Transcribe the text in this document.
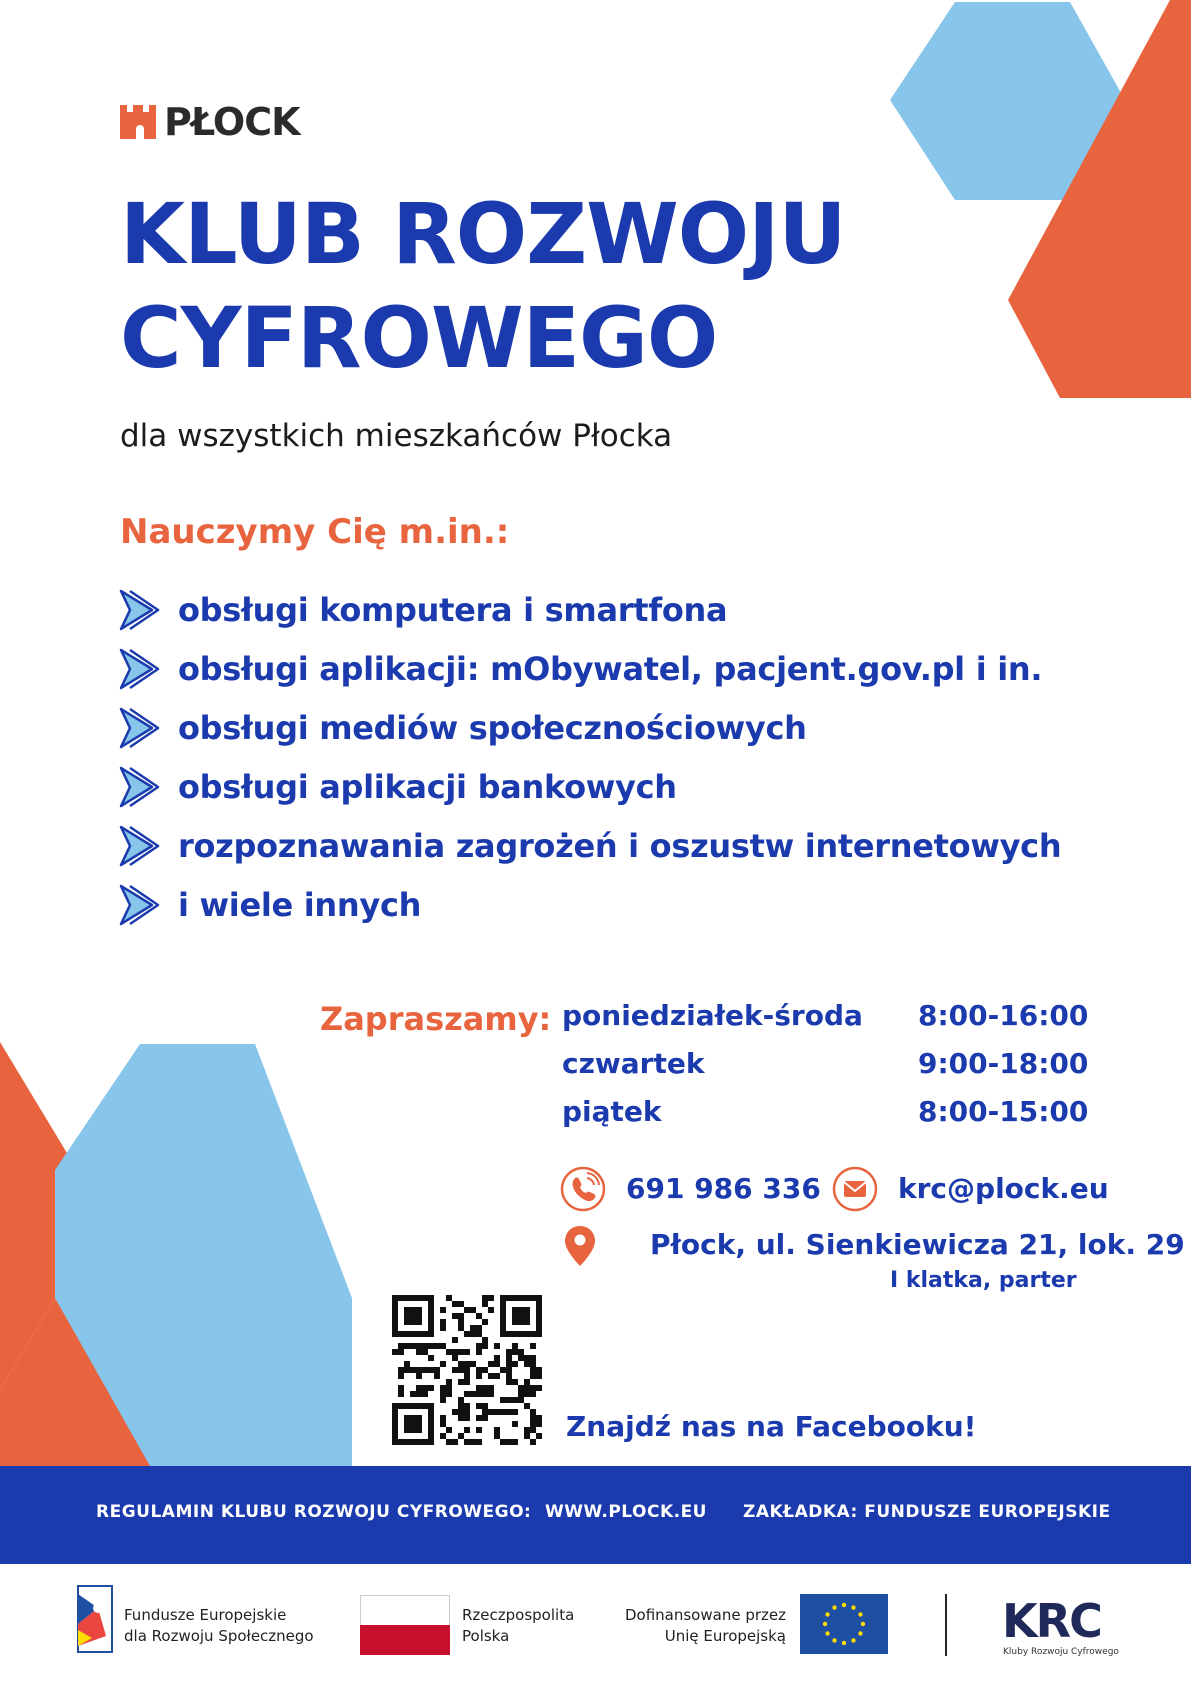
PŁOCK
KLUB ROZWOJU
CYFROWEGO
dla wszystkich mieszkańców Płocka
Nauczymy Cię m.in.:
obsługi komputera i smartfona
obsługi aplikacji: mObywatel, pacjent.gov.pl i in.
obsługi mediów społecznościowych
obsługi aplikacji bankowych
rozpoznawania zagrożeń i oszustw internetowych
i wiele innych
Zapraszamy: poniedziałek-środa 8:00-16:00
czwartek	9:00-18:00
piątek	8:00-15:00
691 986 336	krc@plock.eu
Płock, ul. Sienkiewicza 21, lok. 29
I klatka, parter
Znajdź nas na Facebooku!
REGULAMIN KLUBU ROZWOJU CYFROWEGO: WWW.PLOCK.EU ZAKŁADKA: FUNDUSZE EUROPEJSKIE
Fundusze Europejskie
dla Rozwoju Społecznego
Rzeczpospolita
Polska
Dofinansowane przez
Unię Europejską	KRC
Kluby Rozwoju Cyfrowego
